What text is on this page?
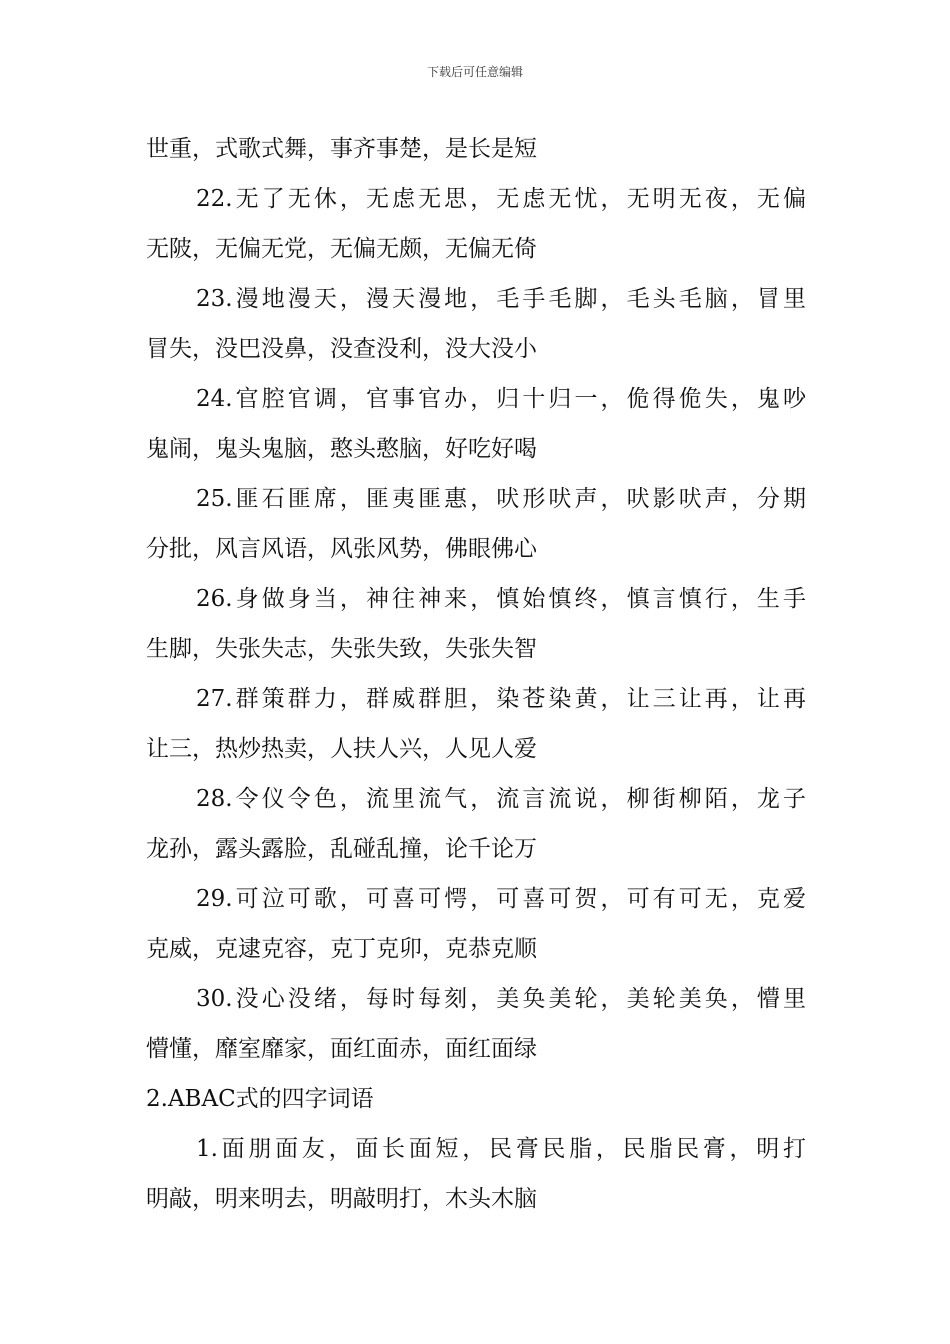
下载后可任意编辑
世重，式歌式舞，事齐事楚，是长是短
22.无了无休，无虑无思，无虑无忧，无明无夜，无偏
无陂，无偏无党，无偏无颇，无偏无倚
23.漫地漫天，漫天漫地，毛手毛脚，毛头毛脑，冒里
冒失，没巴没鼻，没查没利，没大没小
24.官腔官调，官事官办，归十归一，佹得佹失，鬼吵
鬼闹，鬼头鬼脑，憨头憨脑，好吃好喝
25.匪石匪席，匪夷匪惠，吠形吠声，吠影吠声，分期
分批，风言风语，风张风势，佛眼佛心
26.身做身当，神往神来，慎始慎终，慎言慎行，生手
生脚，失张失志，失张失致，失张失智
27.群策群力，群威群胆，染苍染黄，让三让再，让再
让三，热炒热卖，人扶人兴，人见人爱
28.令仪令色，流里流气，流言流说，柳街柳陌，龙子
龙孙，露头露脸，乱碰乱撞，论千论万
29.可泣可歌，可喜可愕，可喜可贺，可有可无，克爱
克威，克逮克容，克丁克卯，克恭克顺
30.没心没绪，每时每刻，美奂美轮，美轮美奂，懵里
懵懂，靡室靡家，面红面赤，面红面绿
2.ABAC式的四字词语
1.面朋面友，面长面短，民膏民脂，民脂民膏，明打
明敲，明来明去，明敲明打，木头木脑
